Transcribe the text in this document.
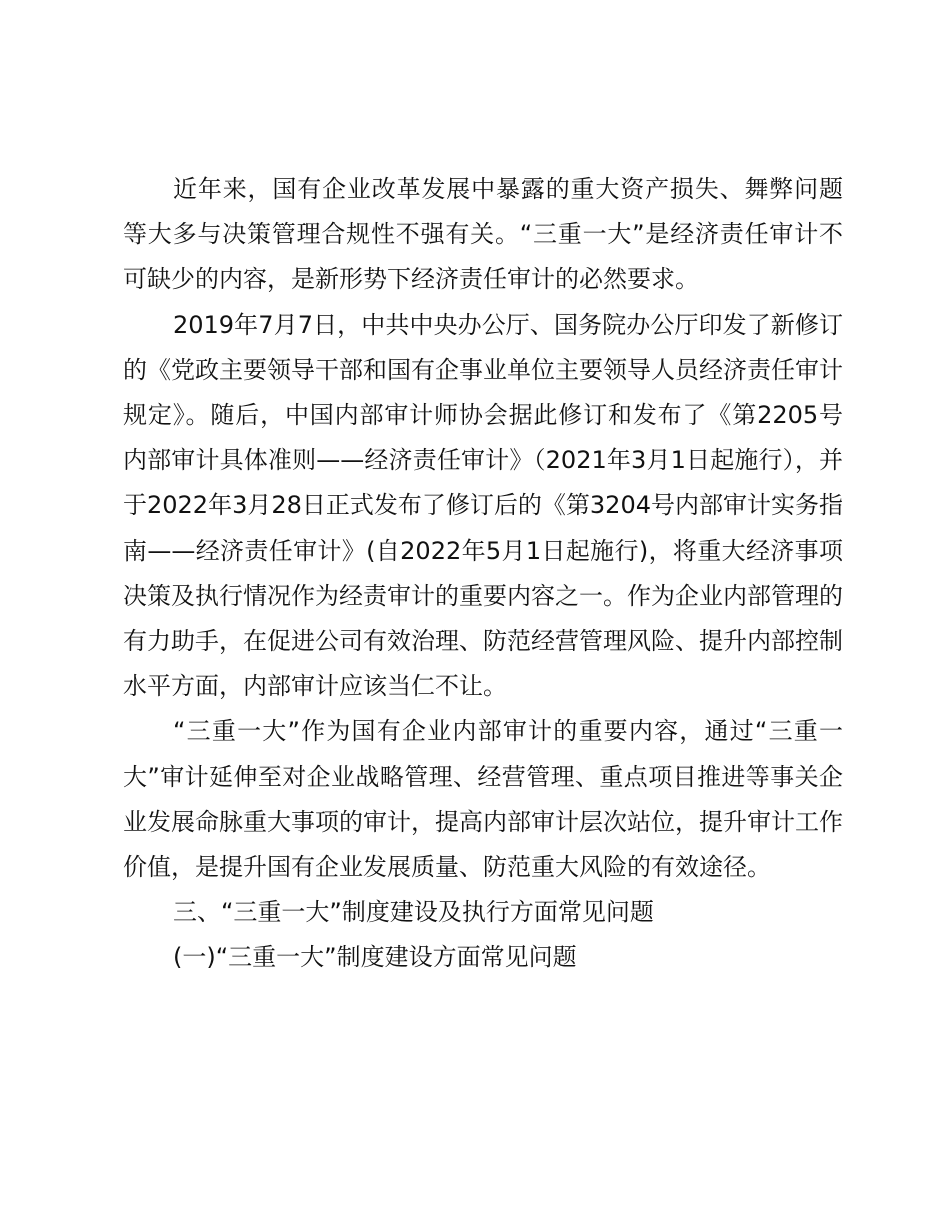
近年来，国有企业改革发展中暴露的重大资产损失、舞弊问题等大多与决策管理合规性不强有关。“三重一大”是经济责任审计不可缺少的内容，是新形势下经济责任审计的必然要求。

2019年7月7日，中共中央办公厅、国务院办公厅印发了新修订的《党政主要领导干部和国有企事业单位主要领导人员经济责任审计规定》。随后，中国内部审计师协会据此修订和发布了《第2205号内部审计具体准则——经济责任审计》（2021年3月1日起施行），并于2022年3月28日正式发布了修订后的《第3204号内部审计实务指南——经济责任审计》(自2022年5月1日起施行)，将重大经济事项决策及执行情况作为经责审计的重要内容之一。作为企业内部管理的有力助手，在促进公司有效治理、防范经营管理风险、提升内部控制水平方面，内部审计应该当仁不让。

“三重一大”作为国有企业内部审计的重要内容，通过“三重一大”审计延伸至对企业战略管理、经营管理、重点项目推进等事关企业发展命脉重大事项的审计，提高内部审计层次站位，提升审计工作价值，是提升国有企业发展质量、防范重大风险的有效途径。

三、“三重一大”制度建设及执行方面常见问题

(一)“三重一大”制度建设方面常见问题
